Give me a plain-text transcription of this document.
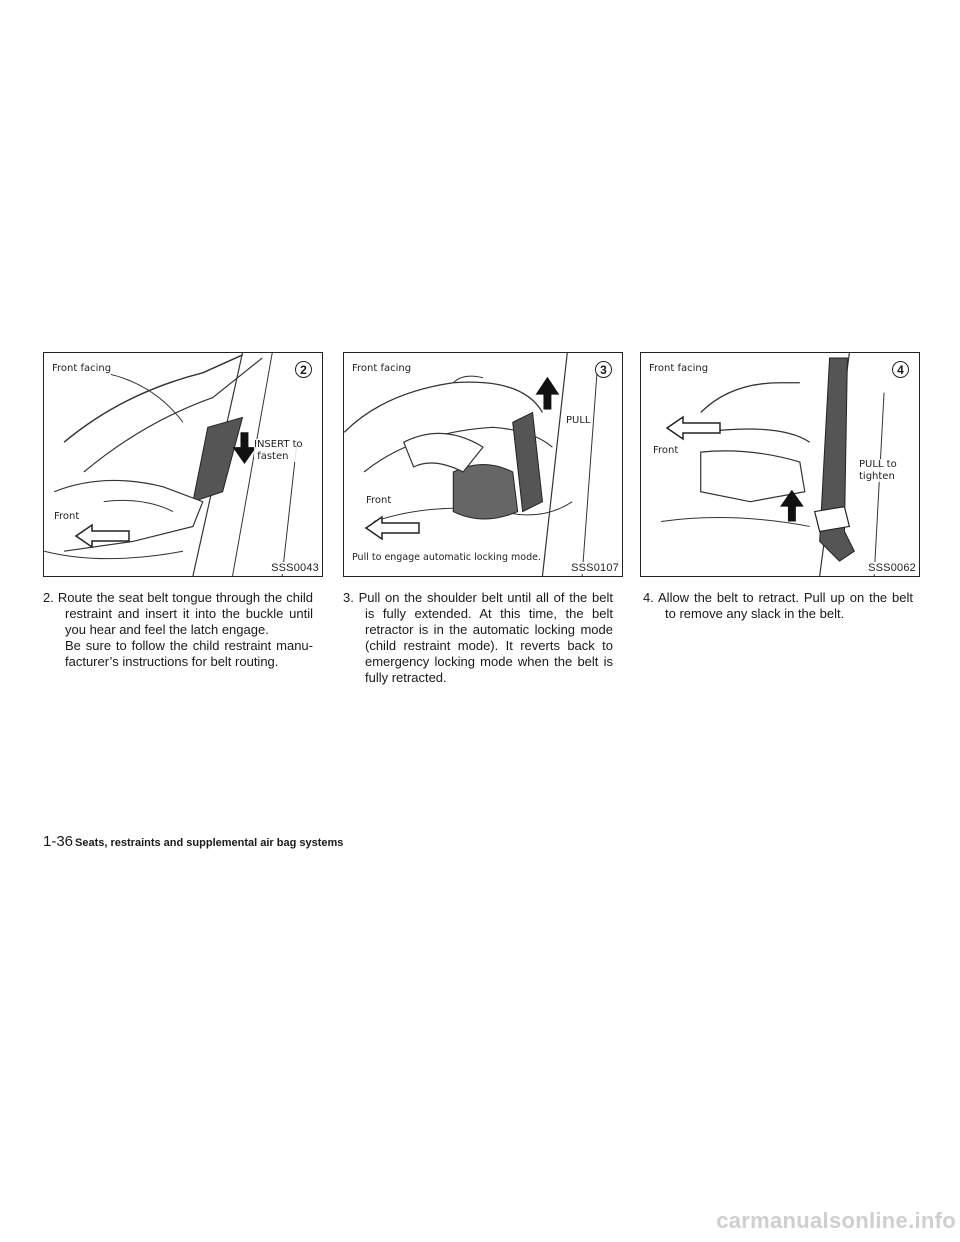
Front facing
INSERT to
fasten
Front
2
SSS0043
Front facing
PULL
Front
Pull to engage automatic locking mode.
3
SSS0107
Front facing
PULL to
tighten
Front
4
SSS0062

2. Route the seat belt tongue through the child restraint and insert it into the buckle until you hear and feel the latch engage.

Be sure to follow the child restraint manu-facturer’s instructions for belt routing.

3. Pull on the shoulder belt until all of the belt is fully extended. At this time, the belt retractor is in the automatic locking mode (child restraint mode). It reverts back to emergency locking mode when the belt is fully retracted.

4. Allow the belt to retract. Pull up on the belt to remove any slack in the belt.

1-36 Seats, restraints and supplemental air bag systems
carmanualsonline.info
